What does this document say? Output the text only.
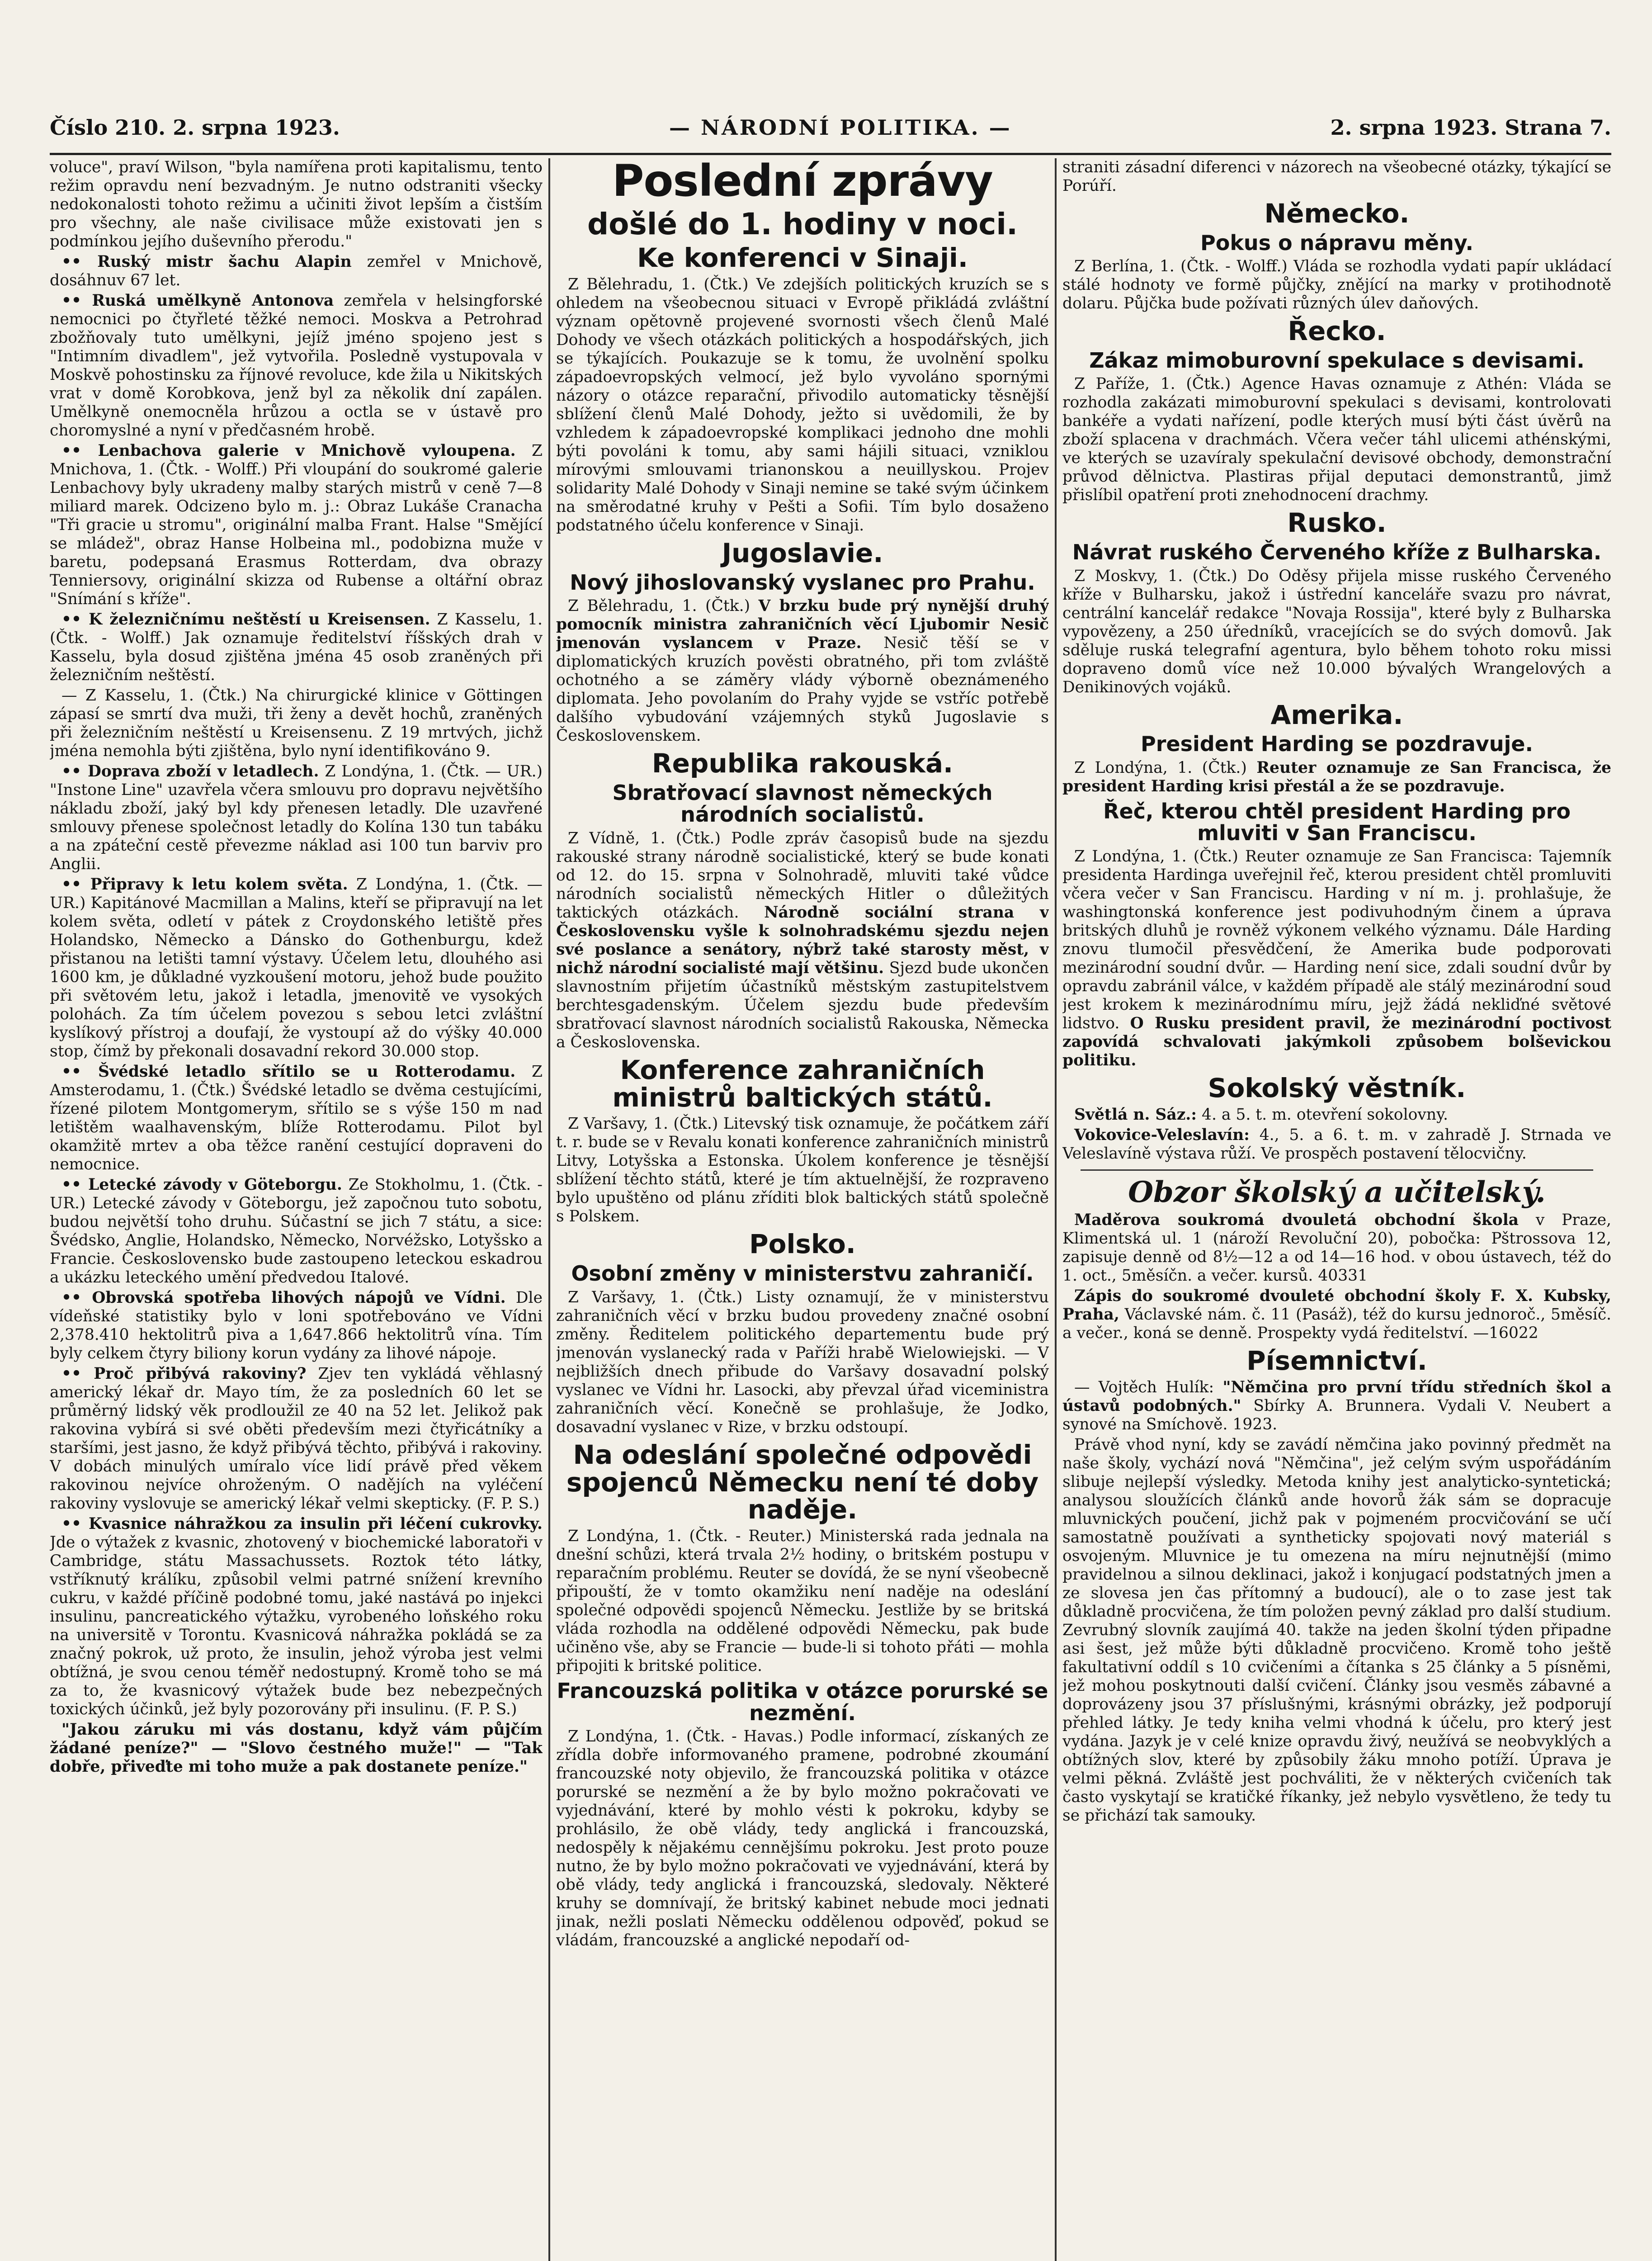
Číslo 210. 2. srpna 1923.	— NÁRODNÍ POLITIKA. —	2. srpna 1923. Strana 7.

voluce", praví Wilson, "byla namířena proti kapitalismu, tento režim opravdu není bezvadným. Je nutno odstraniti všecky nedokonalosti tohoto režimu a učiniti život lepším a čistším pro všechny, ale naše civilisace může existovati jen s podmínkou jejího duševního přerodu."

•• Ruský mistr šachu Alapin zemřel v Mnichově, dosáhnuv 67 let.

•• Ruská umělkyně Antonova zemřela v helsingforské nemocnici po čtyřleté těžké nemoci. Moskva a Petrohrad zbožňovaly tuto umělkyni, jejíž jméno spojeno jest s "Intimním divadlem", jež vytvořila. Posledně vystupovala v Moskvě pohostinsku za říjnové revoluce, kde žila u Nikitských vrat v domě Korobkova, jenž byl za několik dní zapálen. Umělkyně onemocněla hrůzou a octla se v ústavě pro choromyslné a nyní v předčasném hrobě.

•• Lenbachova galerie v Mnichově vyloupena. Z Mnichova, 1. (Čtk. - Wolff.) Při vloupání do soukromé galerie Lenbachovy byly ukradeny malby starých mistrů v ceně 7—8 miliard marek. Odcizeno bylo m. j.: Obraz Lukáše Cranacha "Tři gracie u stromu", originální malba Frant. Halse "Smějící se mládež", obraz Hanse Holbeina ml., podobizna muže v baretu, podepsaná Erasmus Rotterdam, dva obrazy Tenniersovy, originální skizza od Rubense a oltářní obraz "Snímání s kříže".

•• K železničnímu neštěstí u Kreisensen. Z Kasselu, 1. (Čtk. - Wolff.) Jak oznamuje ředitelství říšských drah v Kasselu, byla dosud zjištěna jména 45 osob zraněných při železničním neštěstí.

— Z Kasselu, 1. (Čtk.) Na chirurgické klinice v Göttingen zápasí se smrtí dva muži, tři ženy a devět hochů, zraněných při železničním neštěstí u Kreisensenu. Z 19 mrtvých, jichž jména nemohla býti zjištěna, bylo nyní identifikováno 9.

•• Doprava zboží v letadlech. Z Londýna, 1. (Čtk. — UR.) "Instone Line" uzavřela včera smlouvu pro dopravu největšího nákladu zboží, jaký byl kdy přenesen letadly. Dle uzavřené smlouvy přenese společnost letadly do Kolína 130 tun tabáku a na zpáteční cestě převezme náklad asi 100 tun barviv pro Anglii.

•• Připravy k letu kolem světa. Z Londýna, 1. (Čtk. — UR.) Kapitánové Macmillan a Malins, kteří se připravují na let kolem světa, odletí v pátek z Croydonského letiště přes Holandsko, Německo a Dánsko do Gothenburgu, kdež přistanou na letišti tamní výstavy. Účelem letu, dlouhého asi 1600 km, je důkladné vyzkoušení motoru, jehož bude použito při světovém letu, jakož i letadla, jmenovitě ve vysokých polohách. Za tím účelem povezou s sebou letci zvláštní kyslíkový přístroj a doufají, že vystoupí až do výšky 40.000 stop, čímž by překonali dosavadní rekord 30.000 stop.

•• Švédské letadlo sřítilo se u Rotterodamu. Z Amsterodamu, 1. (Čtk.) Švédské letadlo se dvěma cestujícími, řízené pilotem Montgomerym, sřítilo se s výše 150 m nad letištěm waalhavenským, blíže Rotterodamu. Pilot byl okamžitě mrtev a oba těžce ranění cestující dopraveni do nemocnice.

•• Letecké závody v Göteborgu. Ze Stokholmu, 1. (Čtk. - UR.) Letecké závody v Göteborgu, jež započnou tuto sobotu, budou největší toho druhu. Súčastní se jich 7 státu, a sice: Švédsko, Anglie, Holandsko, Německo, Norvéžsko, Lotyšsko a Francie. Československo bude zastoupeno leteckou eskadrou a ukázku leteckého umění předvedou Italové.

•• Obrovská spotřeba lihových nápojů ve Vídni. Dle vídeňské statistiky bylo v loni spotřebováno ve Vídni 2,378.410 hektolitrů piva a 1,647.866 hektolitrů vína. Tím byly celkem čtyry biliony korun vydány za lihové nápoje.

•• Proč přibývá rakoviny? Zjev ten vykládá věhlasný americký lékař dr. Mayo tím, že za posledních 60 let se průměrný lidský věk prodloužil ze 40 na 52 let. Jelikož pak rakovina vybírá si své oběti především mezi čtyřicátníky a staršími, jest jasno, že když přibývá těchto, přibývá i rakoviny. V dobách minulých umíralo více lidí právě před věkem rakovinou nejvíce ohroženým. O nadějích na vyléčení rakoviny vyslovuje se americký lékař velmi skepticky. (F. P. S.)

•• Kvasnice náhražkou za insulin při léčení cukrovky. Jde o výtažek z kvasnic, zhotovený v biochemické laboratoři v Cambridge, státu Massachussets. Roztok této látky, vstříknutý králíku, způsobil velmi patrné snížení krevního cukru, v každé příčině podobné tomu, jaké nastává po injekci insulinu, pancreatického výtažku, vyrobeného loňského roku na universitě v Torontu. Kvasnicová náhražka pokládá se za značný pokrok, už proto, že insulin, jehož výroba jest velmi obtížná, je svou cenou téměř nedostupný. Kromě toho se má za to, že kvasnicový výtažek bude bez nebezpečných toxických účinků, jež byly pozorovány při insulinu. (F. P. S.)

"Jakou záruku mi vás dostanu, když vám půjčím žádané peníze?" — "Slovo čestného muže!" — "Tak dobře, přiveďte mi toho muže a pak dostanete peníze."

Poslední zprávy
došlé do 1. hodiny v noci.
Ke konferenci v Sinaji.

Z Bělehradu, 1. (Čtk.) Ve zdejších politických kruzích se s ohledem na všeobecnou situaci v Evropě přikládá zvláštní význam opětovně projevené svornosti všech členů Malé Dohody ve všech otázkách politických a hospodářských, jich se týkajících. Poukazuje se k tomu, že uvolnění spolku západoevropských velmocí, jež bylo vyvoláno spornými názory o otázce reparační, přivodilo automaticky těsnější sblížení členů Malé Dohody, ježto si uvědomili, že by vzhledem k západoevropské komplikaci jednoho dne mohli býti povoláni k tomu, aby sami hájili situaci, vzniklou mírovými smlouvami trianonskou a neuillyskou. Projev solidarity Malé Dohody v Sinaji nemine se také svým účinkem na směrodatné kruhy v Pešti a Sofii. Tím bylo dosaženo podstatného účelu konference v Sinaji.

Jugoslavie.
Nový jihoslovanský vyslanec pro Prahu.

Z Bělehradu, 1. (Čtk.) V brzku bude prý nynější druhý pomocník ministra zahraničních věcí Ljubomir Nesič jmenován vyslancem v Praze. Nesič těší se v diplomatických kruzích pověsti obratného, při tom zvláště ochotného a se záměry vlády výborně obeznámeného diplomata. Jeho povolaním do Prahy vyjde se vstříc potřebě dalšího vybudování vzájemných styků Jugoslavie s Československem.

Republika rakouská.
Sbratřovací slavnost německých národních socialistů.

Z Vídně, 1. (Čtk.) Podle zpráv časopisů bude na sjezdu rakouské strany národně socialistické, který se bude konati od 12. do 15. srpna v Solnohradě, mluviti také vůdce národních socialistů německých Hitler o důležitých taktických otázkách. Národně sociální strana v Československu vyšle k solnohradskému sjezdu nejen své poslance a senátory, nýbrž také starosty měst, v nichž národní socialisté mají většinu. Sjezd bude ukončen slavnostním přijetím účastníků městským zastupitelstvem berchtesgadenským. Účelem sjezdu bude především sbratřovací slavnost národních socialistů Rakouska, Německa a Československa.

Konference zahraničních ministrů baltických států.

Z Varšavy, 1. (Čtk.) Litevský tisk oznamuje, že počátkem září t. r. bude se v Revalu konati konference zahraničních ministrů Litvy, Lotyšska a Estonska. Úkolem konference je těsnější sblížení těchto států, které je tím aktuelnější, že rozpraveno bylo upuštěno od plánu zříditi blok baltických států společně s Polskem.

Polsko.
Osobní změny v ministerstvu zahraničí.

Z Varšavy, 1. (Čtk.) Listy oznamují, že v ministerstvu zahraničních věcí v brzku budou provedeny značné osobní změny. Ředitelem politického departementu bude prý jmenován vyslanecký rada v Paříži hrabě Wielowiejski. — V nejbližších dnech přibude do Varšavy dosavadní polský vyslanec ve Vídni hr. Lasocki, aby převzal úřad viceministra zahraničních věcí. Konečně se prohlašuje, že Jodko, dosavadní vyslanec v Rize, v brzku odstoupí.

Na odeslání společné odpovědi spojenců Německu není té doby naděje.

Z Londýna, 1. (Čtk. - Reuter.) Ministerská rada jednala na dnešní schůzi, která trvala 2½ hodiny, o britském postupu v reparačním problému. Reuter se dovídá, že se nyní všeobecně připouští, že v tomto okamžiku není naděje na odeslání společné odpovědi spojenců Německu. Jestliže by se britská vláda rozhodla na oddělené odpovědi Německu, pak bude učiněno vše, aby se Francie — bude-li si tohoto přáti — mohla připojiti k britské politice.

Francouzská politika v otázce porurské se nezmění.

Z Londýna, 1. (Čtk. - Havas.) Podle informací, získaných ze zřídla dobře informovaného pramene, podrobné zkoumání francouzské noty objevilo, že francouzská politika v otázce porurské se nezmění a že by bylo možno pokračovati ve vyjednávání, které by mohlo vésti k pokroku, kdyby se prohlásilo, že obě vlády, tedy anglická i francouzská, nedospěly k nějakému cennějšímu pokroku. Jest proto pouze nutno, že by bylo možno pokračovati ve vyjednávání, která by obě vlády, tedy anglická i francouzská, sledovaly. Některé kruhy se domnívají, že britský kabinet nebude moci jednati jinak, nežli poslati Německu oddělenou odpověď, pokud se vládám, francouzské a anglické nepodaří od-

straniti zásadní diferenci v názorech na všeobecné otázky, týkající se Porúří.

Německo.
Pokus o nápravu měny.

Z Berlína, 1. (Čtk. - Wolff.) Vláda se rozhodla vydati papír ukládací stálé hodnoty ve formě půjčky, znějící na marky v protihodnotě dolaru. Půjčka bude požívati různých úlev daňových.

Řecko.
Zákaz mimoburovní spekulace s devisami.

Z Paříže, 1. (Čtk.) Agence Havas oznamuje z Athén: Vláda se rozhodla zakázati mimoburovní spekulaci s devisami, kontrolovati bankéře a vydati nařízení, podle kterých musí býti část úvěrů na zboží splacena v drachmách. Včera večer táhl ulicemi athénskými, ve kterých se uzavíraly spekulační devisové obchody, demonstrační průvod dělnictva. Plastiras přijal deputaci demonstrantů, jimž přislíbil opatření proti znehodnocení drachmy.

Rusko.
Návrat ruského Červeného kříže z Bulharska.

Z Moskvy, 1. (Čtk.) Do Oděsy přijela misse ruského Červeného kříže v Bulharsku, jakož i ústřední kanceláře svazu pro návrat, centrální kancelář redakce "Novaja Rossija", které byly z Bulharska vypovězeny, a 250 úředníků, vracejících se do svých domovů. Jak sděluje ruská telegrafní agentura, bylo během tohoto roku missi dopraveno domů více než 10.000 bývalých Wrangelových a Denikinových vojáků.

Amerika.
President Harding se pozdravuje.

Z Londýna, 1. (Čtk.) Reuter oznamuje ze San Francisca, že president Harding krisi přestál a že se pozdravuje.

Řeč, kterou chtěl president Harding pro mluviti v San Franciscu.

Z Londýna, 1. (Čtk.) Reuter oznamuje ze San Francisca: Tajemník presidenta Hardinga uveřejnil řeč, kterou president chtěl promluviti včera večer v San Franciscu. Harding v ní m. j. prohlašuje, že washingtonská konference jest podivuhodným činem a úprava britských dluhů je rovněž výkonem velkého významu. Dále Harding znovu tlumočil přesvědčení, že Amerika bude podporovati mezinárodní soudní dvůr. — Harding není sice, zdali soudní dvůr by opravdu zabránil válce, v každém případě ale stálý mezinárodní soud jest krokem k mezinárodnímu míru, jejž žádá nekliďné světové lidstvo. O Rusku president pravil, že mezinárodní poctivost zapovídá schvalovati jakýmkoli způsobem bolševickou politiku.

Sokolský věstník.

Světlá n. Sáz.: 4. a 5. t. m. otevření sokolovny.

Vokovice-Veleslavín: 4., 5. a 6. t. m. v zahradě J. Strnada ve Veleslavíně výstava růží. Ve prospěch postavení tělocvičny.

Obzor školský a učitelský.

Maděrova soukromá dvouletá obchodní škola v Praze, Klimentská ul. 1 (nároží Revoluční 20), pobočka: Pštrossova 12, zapisuje denně od 8½—12 a od 14—16 hod. v obou ústavech, též do 1. oct., 5měsíčn. a večer. kursů. 40331

Zápis do soukromé dvouleté obchodní školy F. X. Kubsky, Praha, Václavské nám. č. 11 (Pasáž), též do kursu jednoroč., 5měsíč. a večer., koná se denně. Prospekty vydá ředitelství. —16022

Písemnictví.

— Vojtěch Hulík: "Němčina pro první třídu středních škol a ústavů podobných." Sbírky A. Brunnera. Vydali V. Neubert a synové na Smíchově. 1923.

Právě vhod nyní, kdy se zavádí němčina jako povinný předmět na naše školy, vychází nová "Němčina", jež celým svým uspořádáním slibuje nejlepší výsledky. Metoda knihy jest analyticko-syntetická; analysou sloužících článků ande hovorů žák sám se dopracuje mluvnických poučení, jichž pak v pojmeném procvičování se učí samostatně používati a syntheticky spojovati nový materiál s osvojeným. Mluvnice je tu omezena na míru nejnutnější (mimo pravidelnou a silnou deklinaci, jakož i konjugací podstatných jmen a ze slovesa jen čas přítomný a budoucí), ale o to zase jest tak důkladně procvičena, že tím položen pevný základ pro další studium. Zevrubný slovník zaujímá 40. takže na jeden školní týden připadne asi šest, jež může býti důkladně procvičeno. Kromě toho ještě fakultativní oddíl s 10 cvičeními a čítanka s 25 články a 5 písněmi, jež mohou poskytnouti další cvičení. Články jsou vesměs zábavné a doprovázeny jsou 37 příslušnými, krásnými obrázky, jež podporují přehled látky. Je tedy kniha velmi vhodná k účelu, pro který jest vydána. Jazyk je v celé knize opravdu živý, neužívá se neobvyklých a obtížných slov, které by způsobily žáku mnoho potíží. Úprava je velmi pěkná. Zvláště jest pochváliti, že v některých cvičeních tak často vyskytají se kratičké říkanky, jež nebylo vysvětleno, že tedy tu se přichází tak samouky.
